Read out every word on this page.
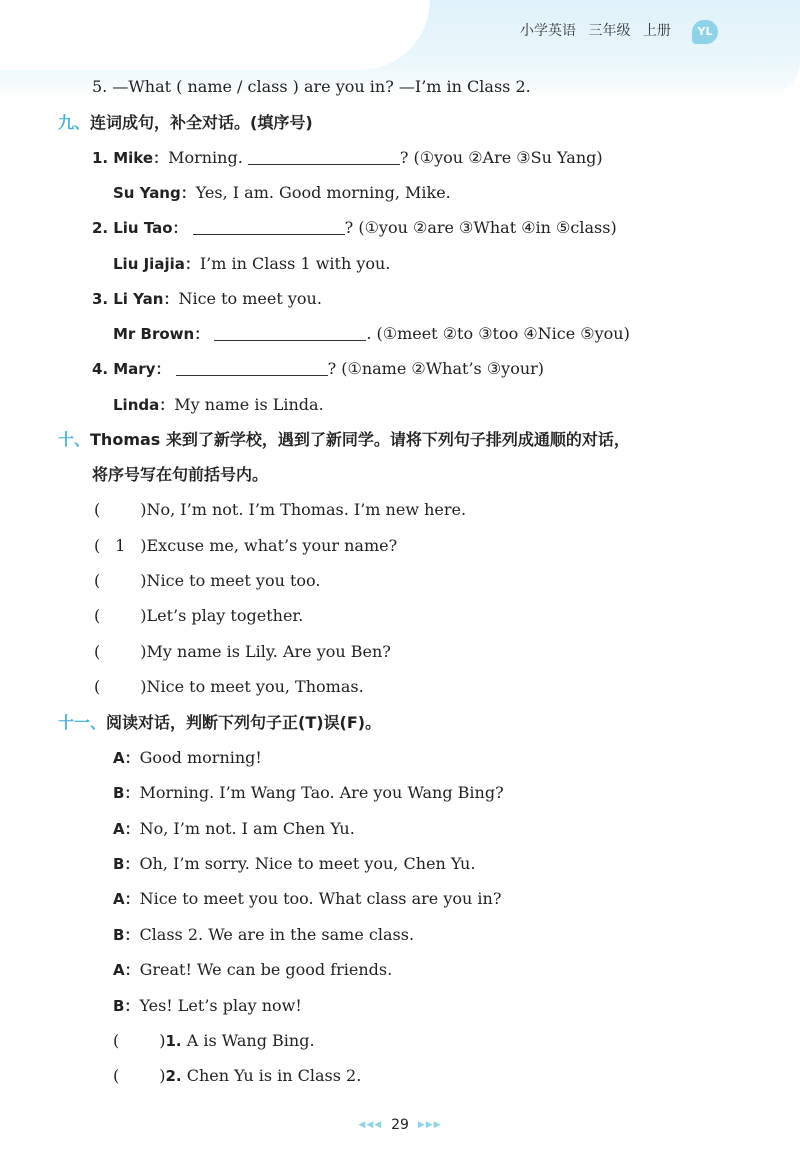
小学英语 三年级 上册	YL
5. —What ( name / class ) are you in? —I’m in Class 2.
九、连词成句，补全对话。(填序号)
1. Mike：Morning.	? (①you ②Are ③Su Yang)
Su Yang：Yes, I am. Good morning, Mike.
2. Liu Tao：	? (①you ②are ③What ④in ⑤class)
Liu Jiajia：I’m in Class 1 with you.
3. Li Yan：Nice to meet you.
Mr Brown：	. (①meet ②to ③too ④Nice ⑤you)
4. Mary：	? (①name ②What’s ③your)
Linda：My name is Linda.
十、Thomas 来到了新学校，遇到了新同学。请将下列句子排列成通顺的对话，
将序号写在句前括号内。
(	)No, I’m not. I’m Thomas. I’m new here.
( 1 )Excuse me, what’s your name?
(	)Nice to meet you too.
(	)Let’s play together.
(	)My name is Lily. Are you Ben?
(	)Nice to meet you, Thomas.
十一、阅读对话，判断下列句子正(T)误(F)。
A：Good morning!
B：Morning. I’m Wang Tao. Are you Wang Bing?
A：No, I’m not. I am Chen Yu.
B：Oh, I’m sorry. Nice to meet you, Chen Yu.
A：Nice to meet you too. What class are you in?
B：Class 2. We are in the same class.
A：Great! We can be good friends.
B：Yes! Let’s play now!
(	)1. A is Wang Bing.
(	)2. Chen Yu is in Class 2.
◀◀◀ 29 ▶▶▶
